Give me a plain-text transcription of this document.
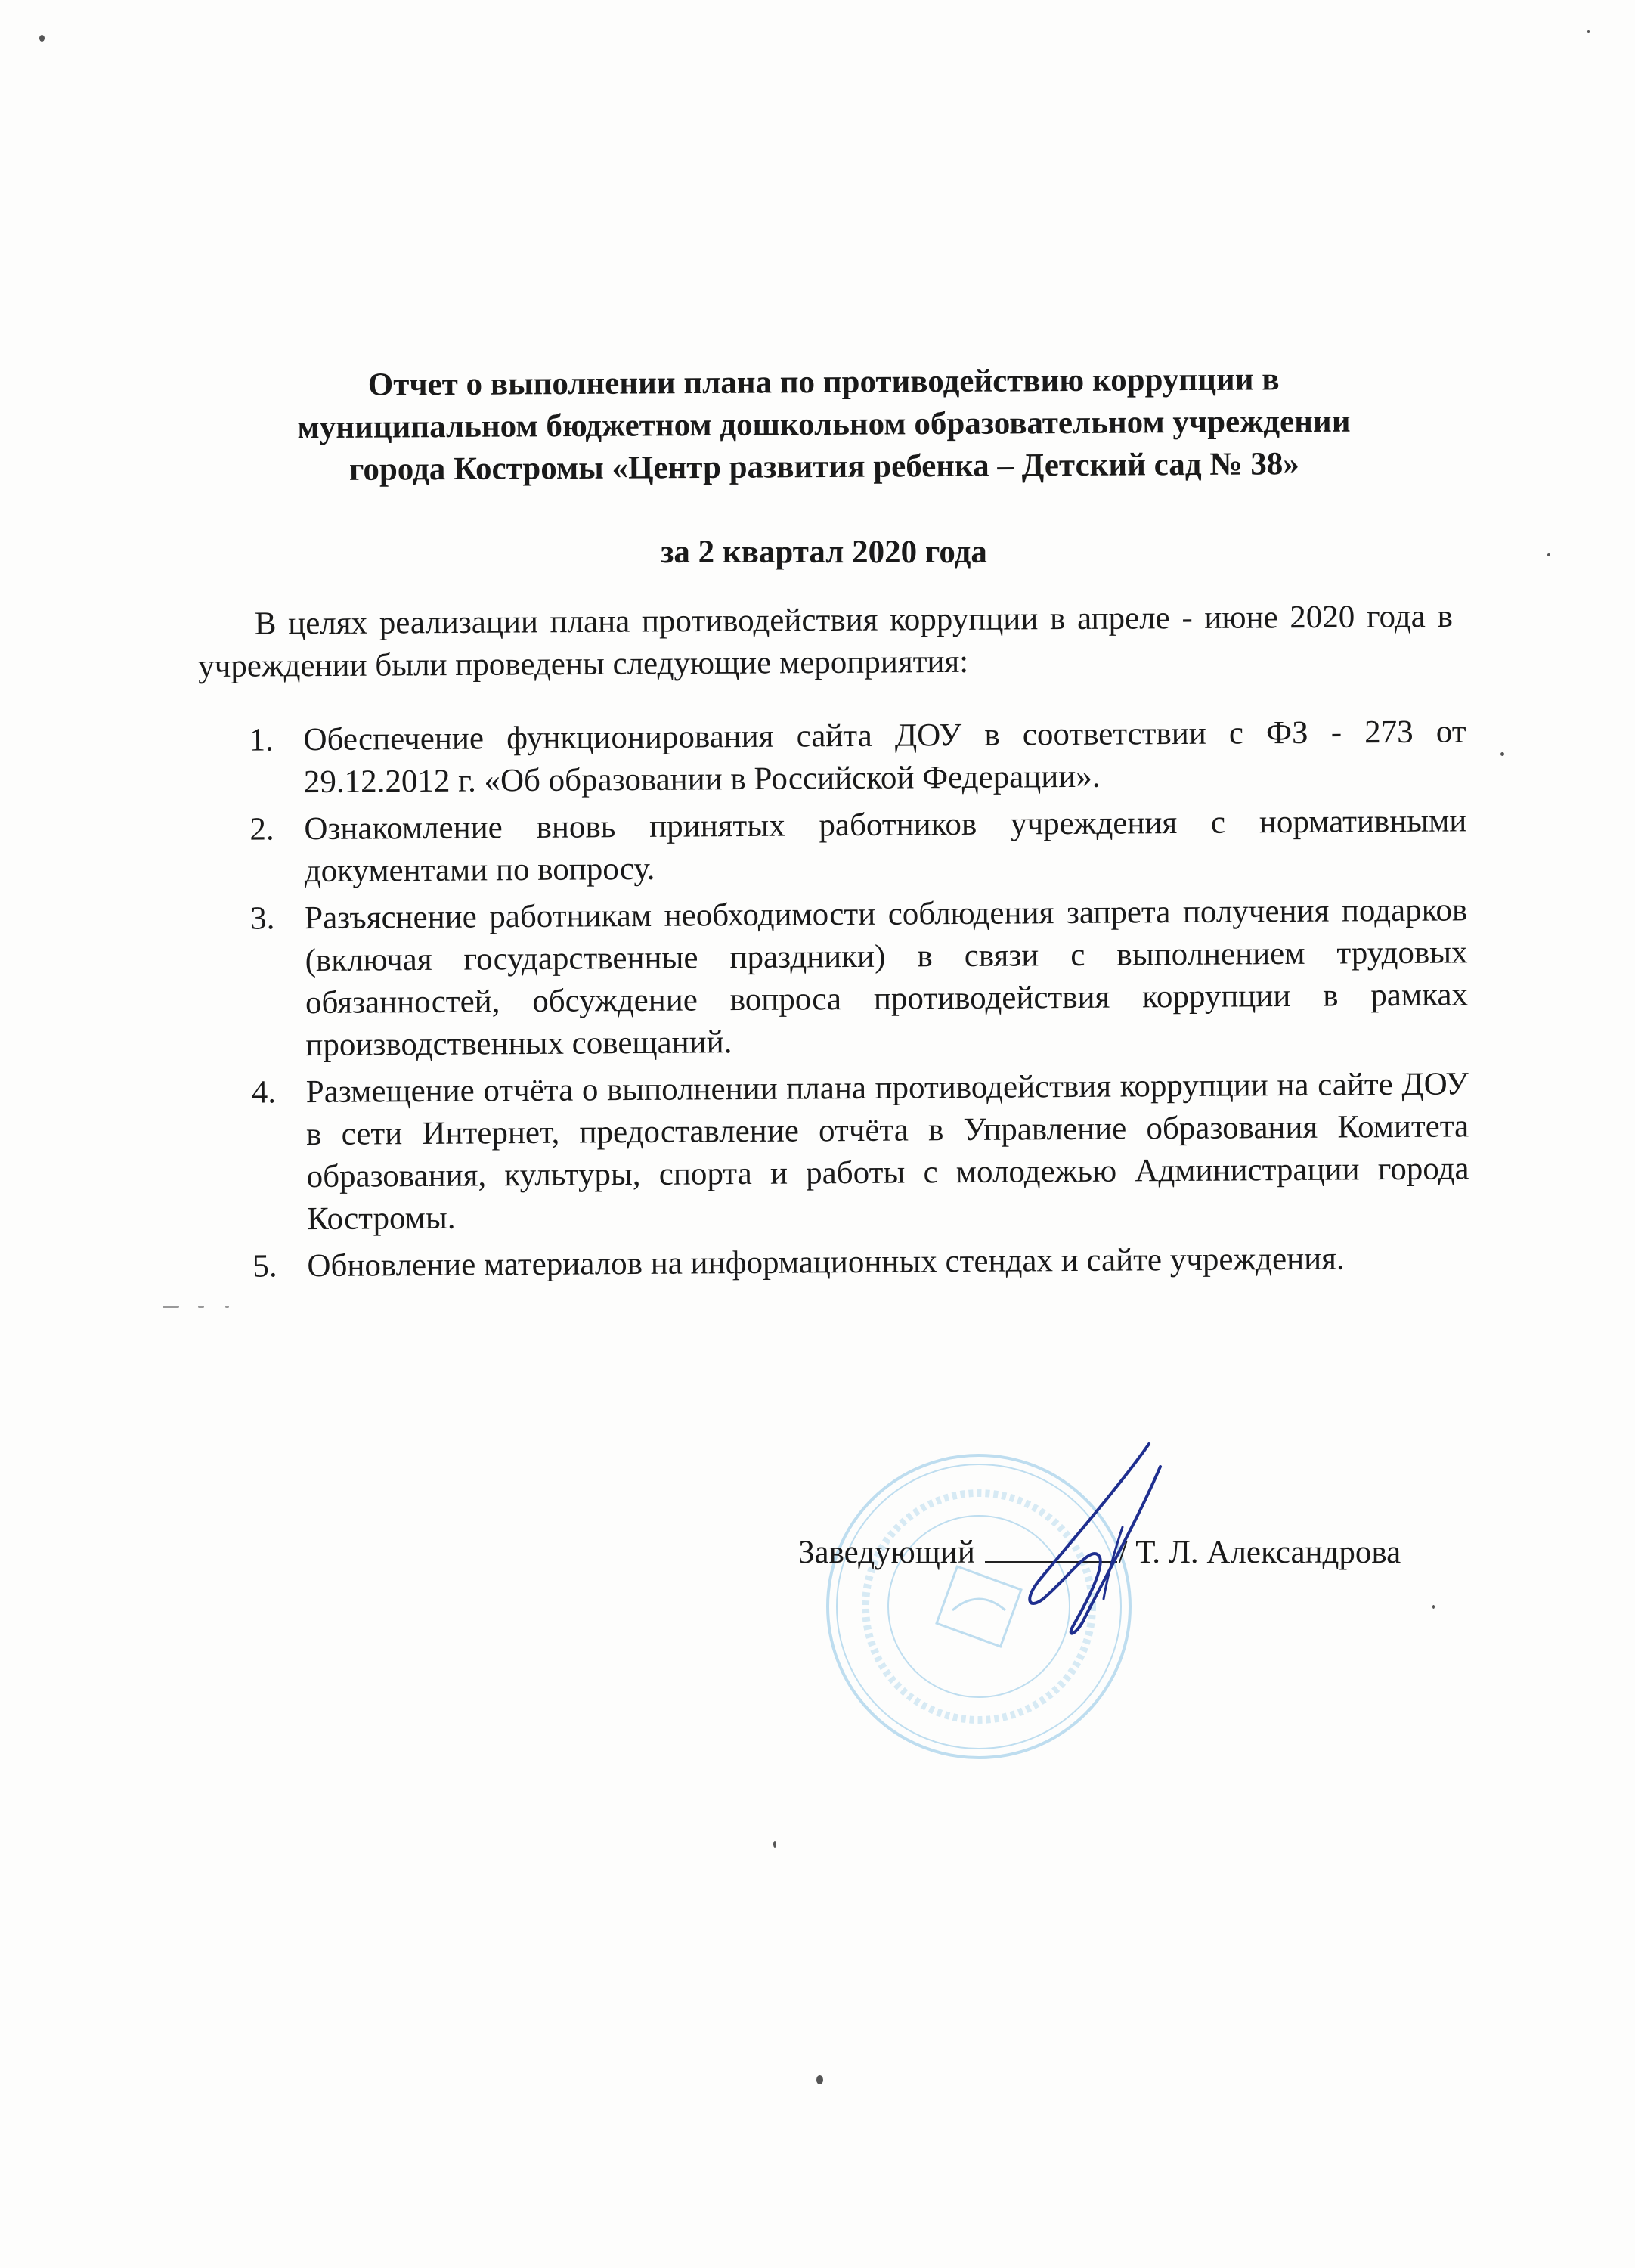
Отчет о выполнении плана по противодействию коррупции в
муниципальном бюджетном дошкольном образовательном учреждении
города Костромы «Центр развития ребенка – Детский сад № 38»
за 2 квартал 2020 года
В целях реализации плана противодействия коррупции в апреле - июне 2020 года в учреждении были проведены следующие мероприятия:
1. Обеспечение функционирования сайта ДОУ в соответствии с ФЗ - 273 от 29.12.2012 г. «Об образовании в Российской Федерации».
2. Ознакомление вновь принятых работников учреждения с нормативными документами по вопросу.
3. Разъяснение работникам необходимости соблюдения запрета получения подарков (включая государственные праздники) в связи с выполнением трудовых обязанностей, обсуждение вопроса противодействия коррупции в рамках производственных совещаний.
4. Размещение отчёта о выполнении плана противодействия коррупции на сайте ДОУ в сети Интернет, предоставление отчёта в Управление образования Комитета образования, культуры, спорта и работы с молодежью Администрации города Костромы.
5. Обновление материалов на информационных стендах и сайте учреждения.
Заведующий	/ Т. Л. Александрова
